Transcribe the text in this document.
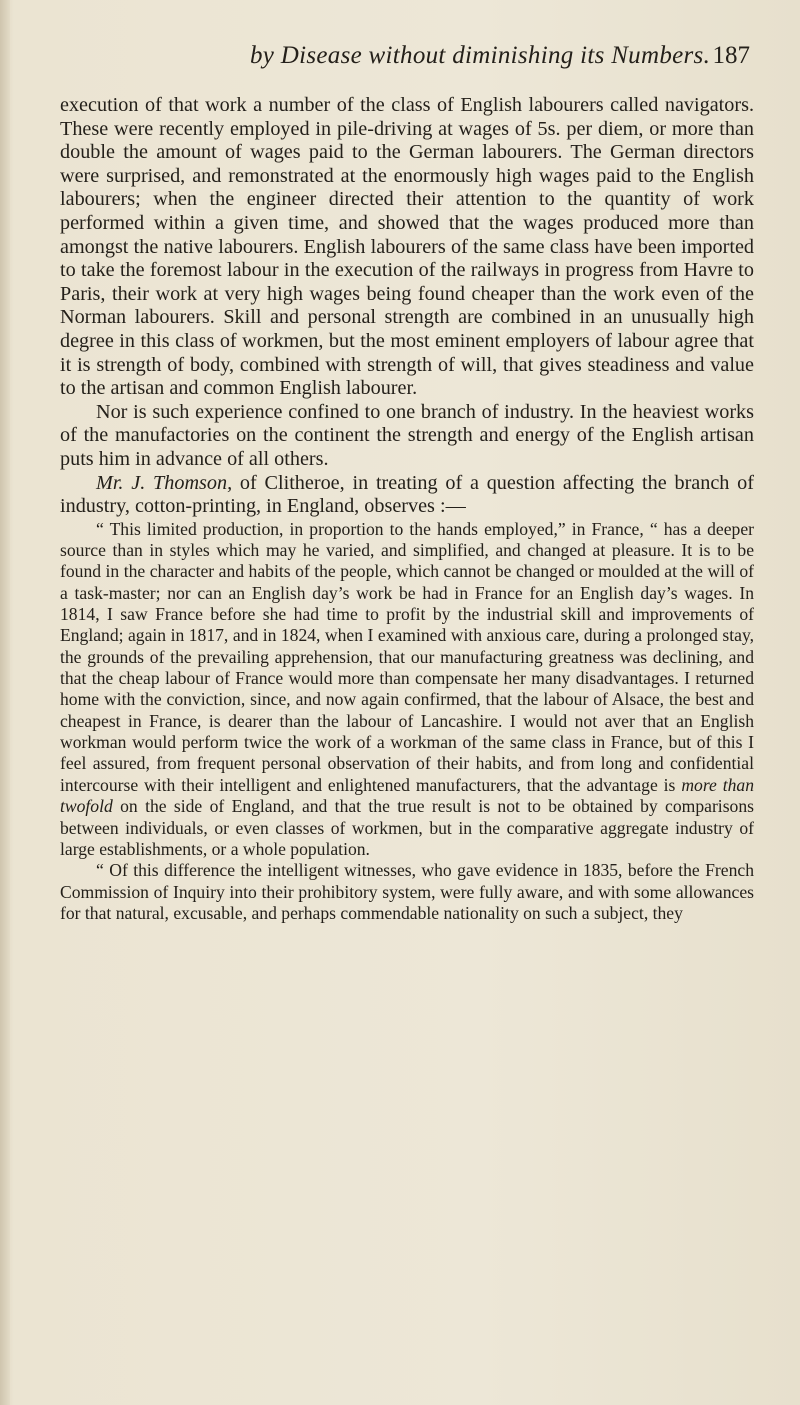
by Disease without diminishing its Numbers. 187

execution of that work a number of the class of English labourers called navigators. These were recently employed in pile-driving at wages of 5s. per diem, or more than double the amount of wages paid to the German labourers. The German directors were surprised, and remonstrated at the enormously high wages paid to the English labourers; when the engineer directed their attention to the quantity of work performed within a given time, and showed that the wages produced more than amongst the native labourers. English labourers of the same class have been imported to take the foremost labour in the execution of the railways in progress from Havre to Paris, their work at very high wages being found cheaper than the work even of the Norman labourers. Skill and personal strength are combined in an unusually high degree in this class of workmen, but the most eminent employers of labour agree that it is strength of body, combined with strength of will, that gives steadiness and value to the artisan and common English labourer.

Nor is such experience confined to one branch of industry. In the heaviest works of the manufactories on the continent the strength and energy of the English artisan puts him in advance of all others.

Mr. J. Thomson, of Clitheroe, in treating of a question affecting the branch of industry, cotton-printing, in England, observes :—

“ This limited production, in proportion to the hands employed,” in France, “ has a deeper source than in styles which may he varied, and simplified, and changed at pleasure. It is to be found in the character and habits of the people, which cannot be changed or moulded at the will of a task-master; nor can an English day’s work be had in France for an English day’s wages. In 1814, I saw France before she had time to profit by the industrial skill and improvements of England; again in 1817, and in 1824, when I examined with anxious care, during a prolonged stay, the grounds of the prevailing apprehension, that our manufacturing greatness was declining, and that the cheap labour of France would more than compensate her many disadvantages. I returned home with the conviction, since, and now again confirmed, that the labour of Alsace, the best and cheapest in France, is dearer than the labour of Lancashire. I would not aver that an English workman would perform twice the work of a workman of the same class in France, but of this I feel assured, from frequent personal observation of their habits, and from long and confidential intercourse with their intelligent and enlightened manufacturers, that the advantage is more than twofold on the side of England, and that the true result is not to be obtained by comparisons between individuals, or even classes of workmen, but in the comparative aggregate industry of large establishments, or a whole population.

“ Of this difference the intelligent witnesses, who gave evidence in 1835, before the French Commission of Inquiry into their prohibitory system, were fully aware, and with some allowances for that natural, excusable, and perhaps commendable nationality on such a subject, they
